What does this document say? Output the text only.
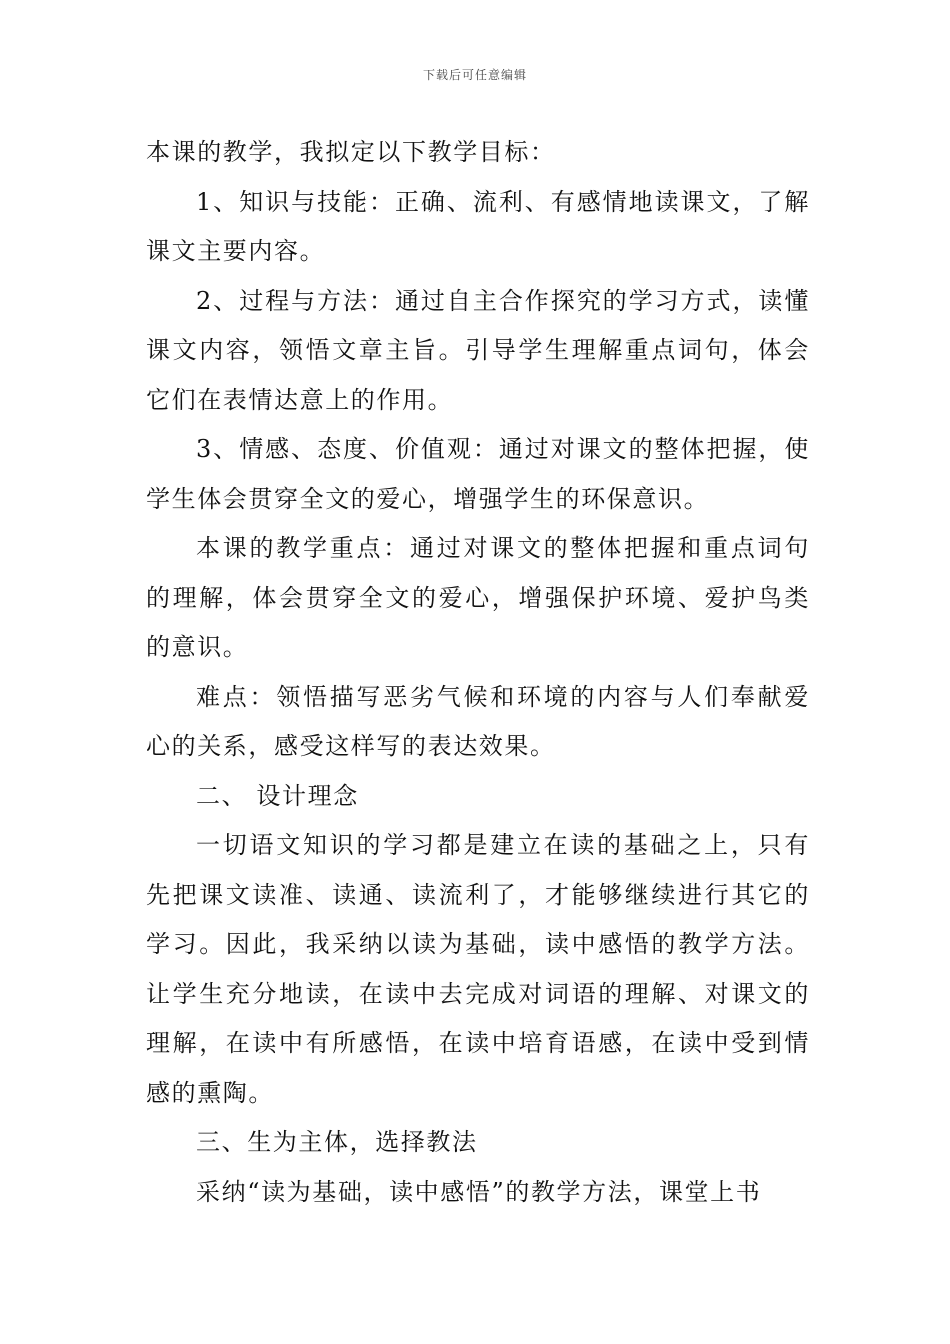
下载后可任意编辑

本课的教学，我拟定以下教学目标：

1、知识与技能：正确、流利、有感情地读课文，了解课文主要内容。

2、过程与方法：通过自主合作探究的学习方式，读懂课文内容，领悟文章主旨。引导学生理解重点词句，体会它们在表情达意上的作用。

3、情感、态度、价值观：通过对课文的整体把握，使学生体会贯穿全文的爱心，增强学生的环保意识。

本课的教学重点：通过对课文的整体把握和重点词句的理解，体会贯穿全文的爱心，增强保护环境、爱护鸟类的意识。

难点：领悟描写恶劣气候和环境的内容与人们奉献爱心的关系，感受这样写的表达效果。

二、 设计理念

一切语文知识的学习都是建立在读的基础之上，只有先把课文读准、读通、读流利了，才能够继续进行其它的学习。因此，我采纳以读为基础，读中感悟的教学方法。让学生充分地读，在读中去完成对词语的理解、对课文的理解，在读中有所感悟，在读中培育语感，在读中受到情感的熏陶。

三、生为主体，选择教法

采纳“读为基础，读中感悟”的教学方法，课堂上书
